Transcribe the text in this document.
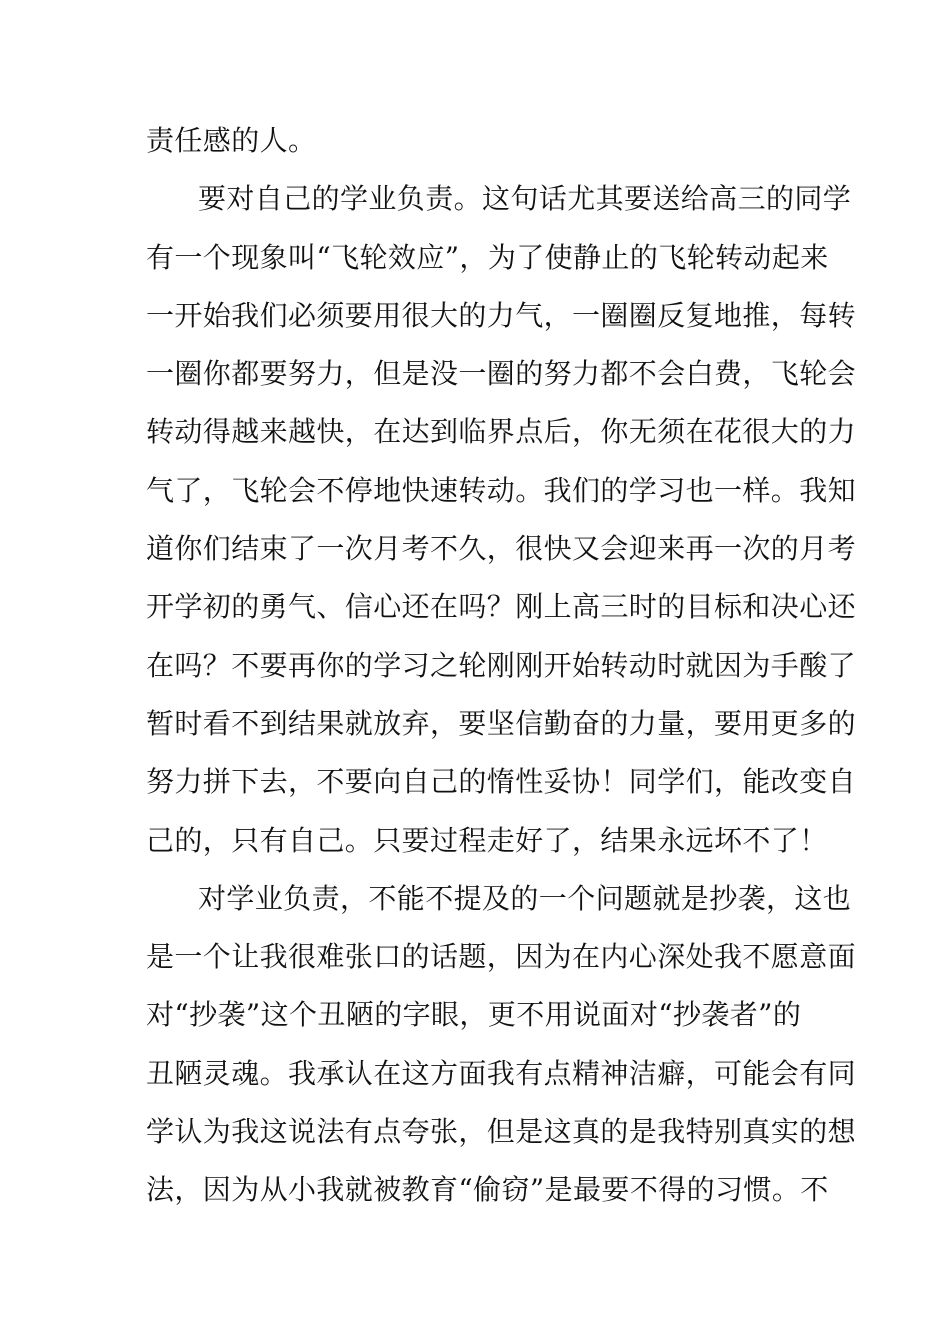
责任感的人。
要对自己的学业负责。这句话尤其要送给高三的同学
有一个现象叫“飞轮效应”，为了使静止的飞轮转动起来
一开始我们必须要用很大的力气，一圈圈反复地推，每转
一圈你都要努力，但是没一圈的努力都不会白费，飞轮会
转动得越来越快，在达到临界点后，你无须在花很大的力
气了，飞轮会不停地快速转动。我们的学习也一样。我知
道你们结束了一次月考不久，很快又会迎来再一次的月考
开学初的勇气、信心还在吗？刚上高三时的目标和决心还
在吗？不要再你的学习之轮刚刚开始转动时就因为手酸了
暂时看不到结果就放弃，要坚信勤奋的力量，要用更多的
努力拼下去，不要向自己的惰性妥协！同学们，能改变自
己的，只有自己。只要过程走好了，结果永远坏不了！
对学业负责，不能不提及的一个问题就是抄袭，这也
是一个让我很难张口的话题，因为在内心深处我不愿意面
对“抄袭”这个丑陋的字眼，更不用说面对“抄袭者”的
丑陋灵魂。我承认在这方面我有点精神洁癖，可能会有同
学认为我这说法有点夸张，但是这真的是我特别真实的想
法，因为从小我就被教育“偷窃”是最要不得的习惯。不
